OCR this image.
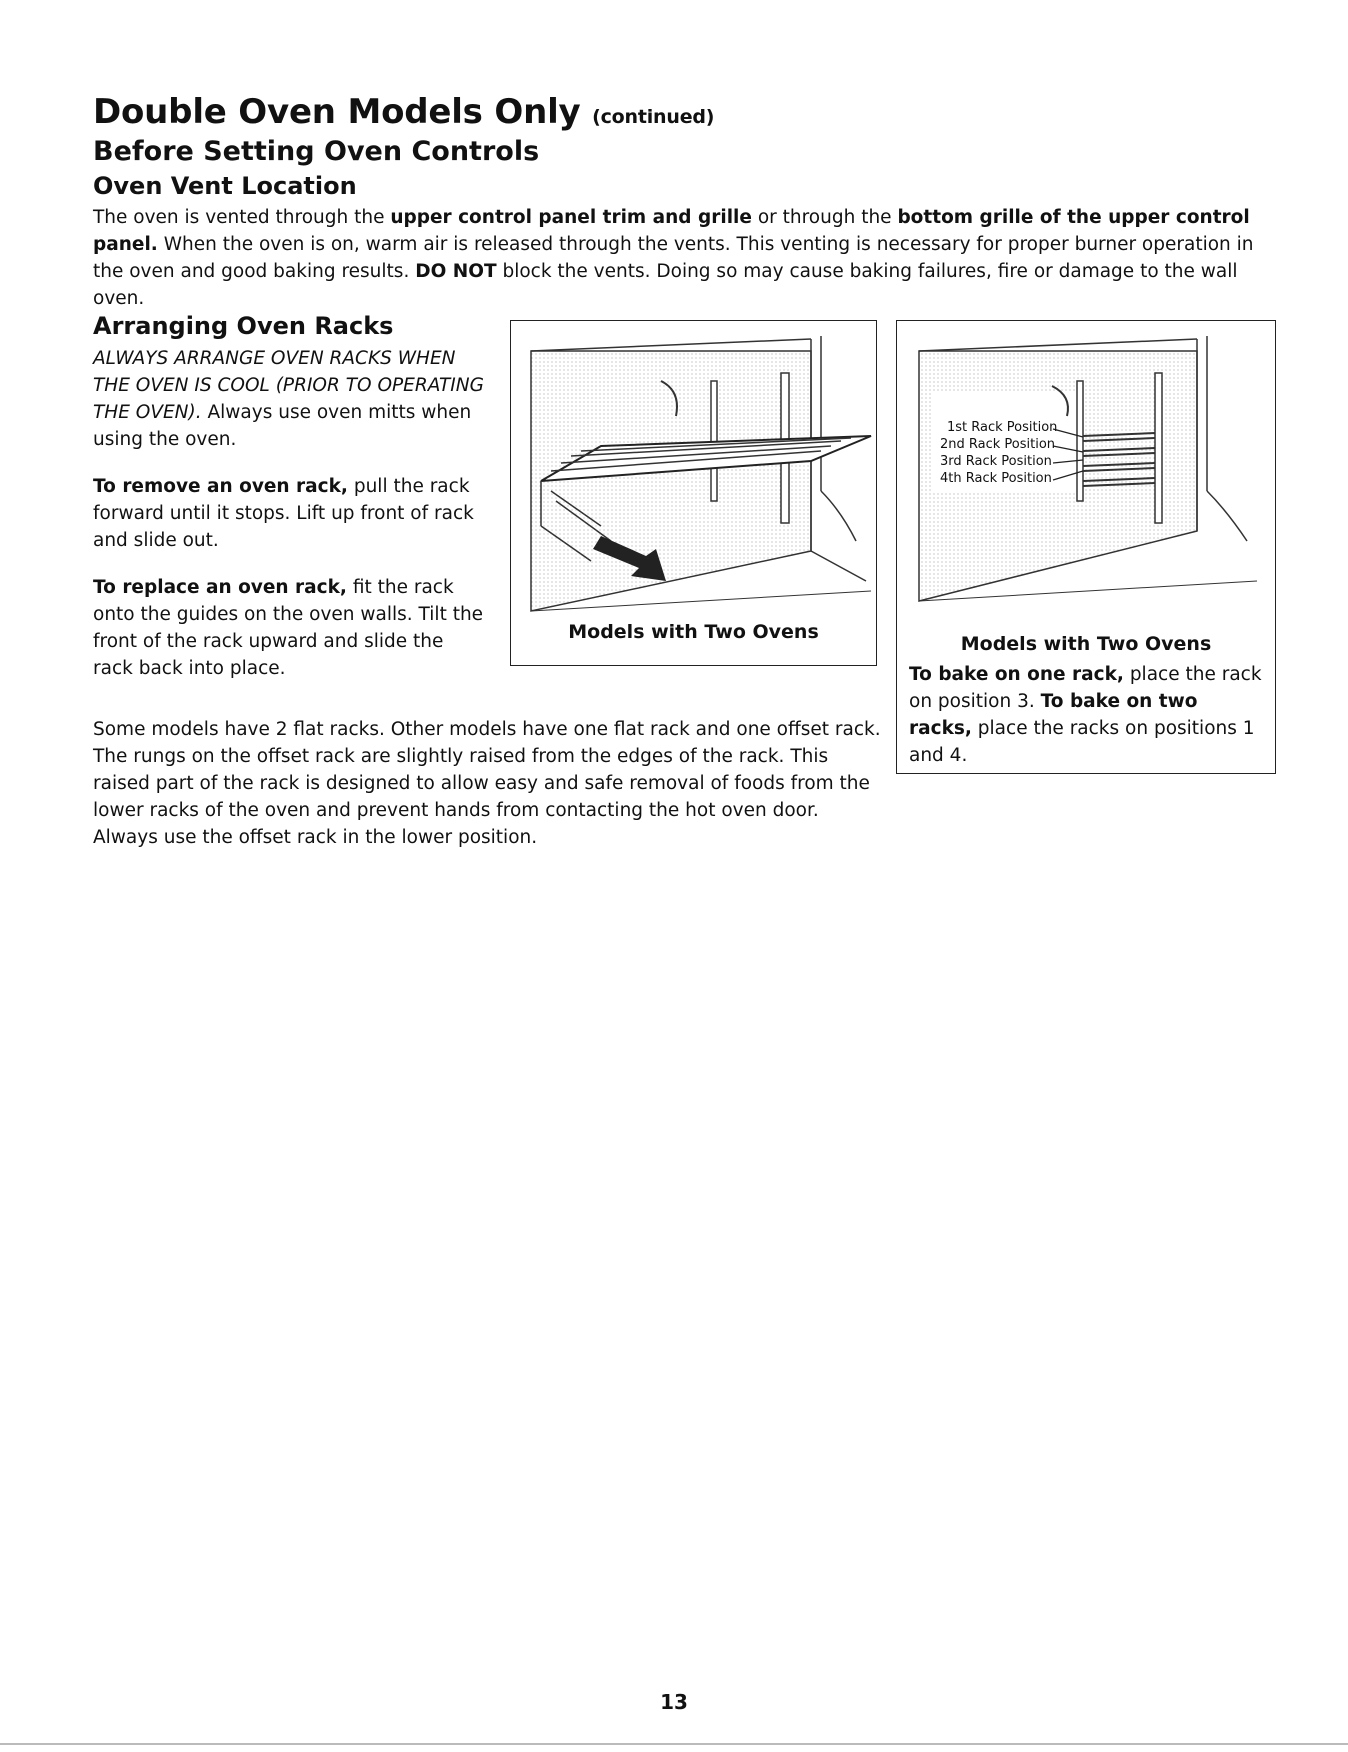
Double Oven Models Only (continued)
Before Setting Oven Controls
Oven Vent Location
The oven is vented through the upper control panel trim and grille or through the bottom grille of the upper control panel. When the oven is on, warm air is released through the vents. This venting is necessary for proper burner operation in the oven and good baking results. DO NOT block the vents. Doing so may cause baking failures, fire or damage to the wall oven.
Arranging Oven Racks

ALWAYS ARRANGE OVEN RACKS WHEN THE OVEN IS COOL (PRIOR TO OPERATING THE OVEN). Always use oven mitts when using the oven.

To remove an oven rack, pull the rack forward until it stops. Lift up front of rack and slide out.

To replace an oven rack, fit the rack onto the guides on the oven walls. Tilt the front of the rack upward and slide the rack back into place.

Some models have 2 flat racks. Other models have one flat rack and one offset rack. The rungs on the offset rack are slightly raised from the edges of the rack. This raised part of the rack is designed to allow easy and safe removal of foods from the lower racks of the oven and prevent hands from contacting the hot oven door. Always use the offset rack in the lower position.
Models with Two Ovens
1st Rack Position
2nd Rack Position
3rd Rack Position
4th Rack Position
Models with Two Ovens
To bake on one rack, place the rack on position 3. To bake on two racks, place the racks on positions 1 and 4.
13
